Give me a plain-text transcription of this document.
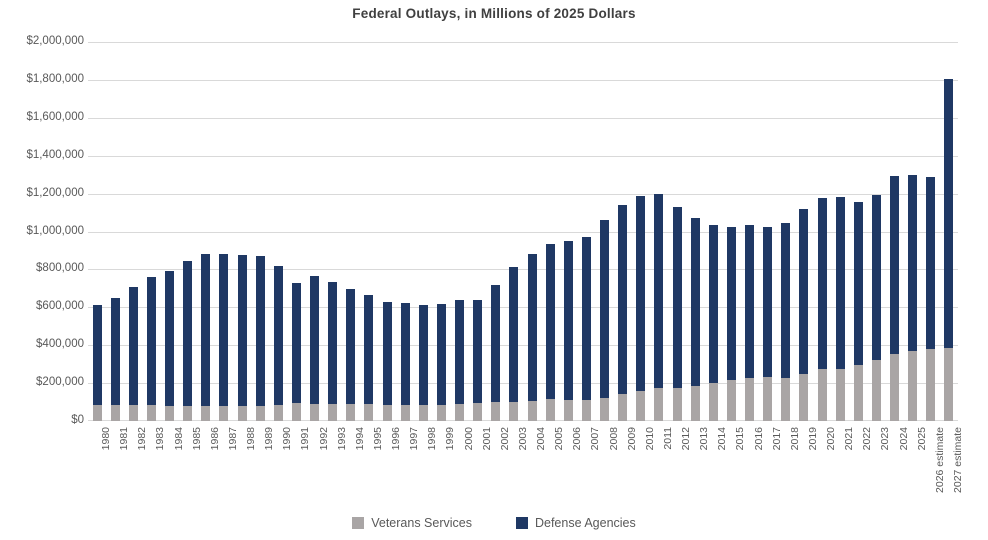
Federal Outlays, in Millions of 2025 Dollars
Veterans Services	Defense Agencies
$0
$200,000
$400,000
$600,000
$800,000
$1,000,000
$1,200,000
$1,400,000
$1,600,000
$1,800,000
$2,000,000
1980 1981 1982 1983 1984 1985 1986 1987 1988 1989 1990 1991 1992 1993 1994 1995 1996 1997 1998 1999 2000 2001 2002 2003 2004 2005 2006 2007 2008 2009 2010 2011 2012 2013 2014 2015 2016 2017 2018 2019 2020 2021 2022 2023 2024 2025 2026 estimate 2027 estimate
